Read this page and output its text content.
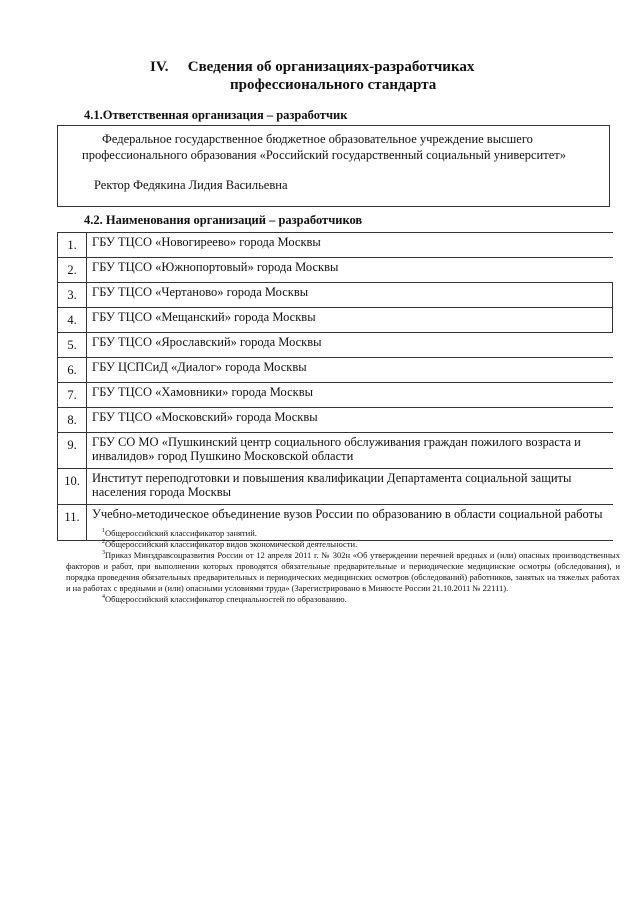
IV. Сведения об организациях-разработчиках
профессионального стандарта
4.1.Ответственная организация – разработчик
Федеральное государственное бюджетное образовательное учреждение высшего
профессионального образования «Российский государственный социальный университет»
Ректор Федякина Лидия Васильевна
4.2. Наименования организаций – разработчиков
1.	ГБУ ТЦСО «Новогиреево» города Москвы
2.	ГБУ ТЦСО «Южнопортовый» города Москвы
3.	ГБУ ТЦСО «Чертаново» города Москвы
4.	ГБУ ТЦСО «Мещанский» города Москвы
5.	ГБУ ТЦСО «Ярославский» города Москвы
6.	ГБУ ЦСПСиД «Диалог» города Москвы
7.	ГБУ ТЦСО «Хамовники» города Москвы
8.	ГБУ ТЦСО «Московский» города Москвы
9.	ГБУ СО МО «Пушкинский центр социального обслуживания граждан пожилого возраста и инвалидов» город Пушкино Московской области
10.	Институт переподготовки и повышения квалификации Департамента социальной защиты населения города Москвы
11.	Учебно-методическое объединение вузов России по образованию в области социальной работы
$^1$Общероссийский классификатор занятий.
$^2$Общероссийский классификатор видов экономической деятельности.
$^3$Приказ Минздравсоцразвития России от 12 апреля 2011 г. № 302н «Об утверждении перечней вредных и (или) опасных производственных факторов и работ, при выполнении которых проводятся обязательные предварительные и периодические медицинские осмотры (обследования), и порядка проведения обязательных предварительных и периодических медицинских осмотров (обследований) работников, занятых на тяжелых работах и на работах с вредными и (или) опасными условиями труда» (Зарегистрировано в Минюсте России 21.10.2011 № 22111).
$^4$Общероссийский классификатор специальностей по образованию.
